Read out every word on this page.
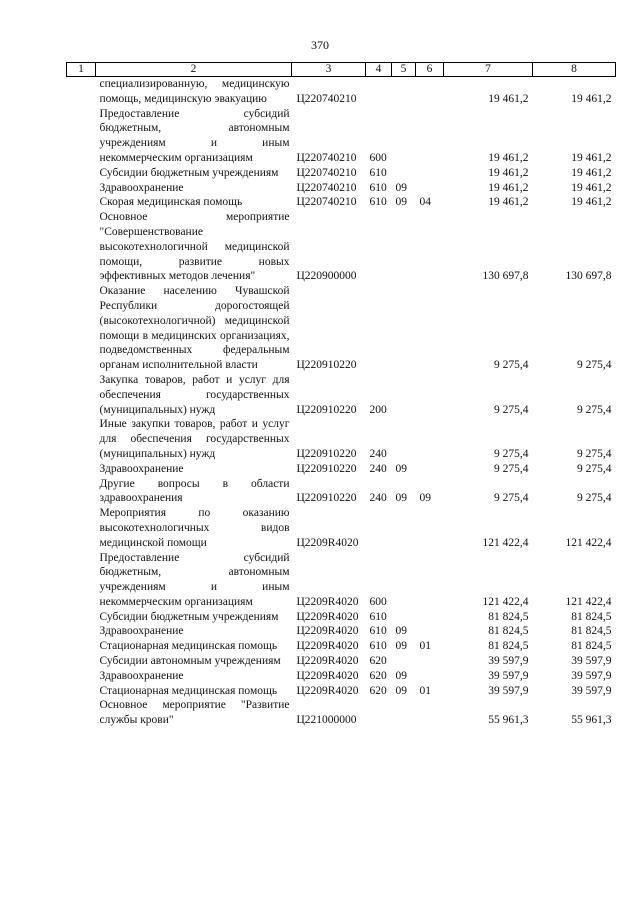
370
1	2	3	4	5	6	7	8
	специализированную, медицинскую помощь, медицинскую эвакуацию	Ц220740210				19 461,2	19 461,2
	Предоставление субсидий бюджетным, автономным учреждениям и иным некоммерческим организациям	Ц220740210	600			19 461,2	19 461,2
	Субсидии бюджетным учреждениям	Ц220740210	610			19 461,2	19 461,2
	Здравоохранение	Ц220740210	610	09		19 461,2	19 461,2
	Скорая медицинская помощь	Ц220740210	610	09	04	19 461,2	19 461,2
	Основное мероприятие "Совершенствование высокотехнологичной медицинской помощи, развитие новых эффективных методов лечения"	Ц220900000				130 697,8	130 697,8
	Оказание населению Чувашской Республики дорогостоящей (высокотехнологичной) медицинской помощи в медицинских организациях, подведомственных федеральным органам исполнительной власти	Ц220910220				9 275,4	9 275,4
	Закупка товаров, работ и услуг для обеспечения государственных (муниципальных) нужд	Ц220910220	200			9 275,4	9 275,4
	Иные закупки товаров, работ и услуг для обеспечения государственных (муниципальных) нужд	Ц220910220	240			9 275,4	9 275,4
	Здравоохранение	Ц220910220	240	09		9 275,4	9 275,4
	Другие вопросы в области здравоохранения	Ц220910220	240	09	09	9 275,4	9 275,4
	Мероприятия по оказанию высокотехнологичных видов медицинской помощи	Ц2209R4020				121 422,4	121 422,4
	Предоставление субсидий бюджетным, автономным учреждениям и иным некоммерческим организациям	Ц2209R4020	600			121 422,4	121 422,4
	Субсидии бюджетным учреждениям	Ц2209R4020	610			81 824,5	81 824,5
	Здравоохранение	Ц2209R4020	610	09		81 824,5	81 824,5
	Стационарная медицинская помощь	Ц2209R4020	610	09	01	81 824,5	81 824,5
	Субсидии автономным учреждениям	Ц2209R4020	620			39 597,9	39 597,9
	Здравоохранение	Ц2209R4020	620	09		39 597,9	39 597,9
	Стационарная медицинская помощь	Ц2209R4020	620	09	01	39 597,9	39 597,9
	Основное мероприятие "Развитие службы крови"	Ц221000000				55 961,3	55 961,3
